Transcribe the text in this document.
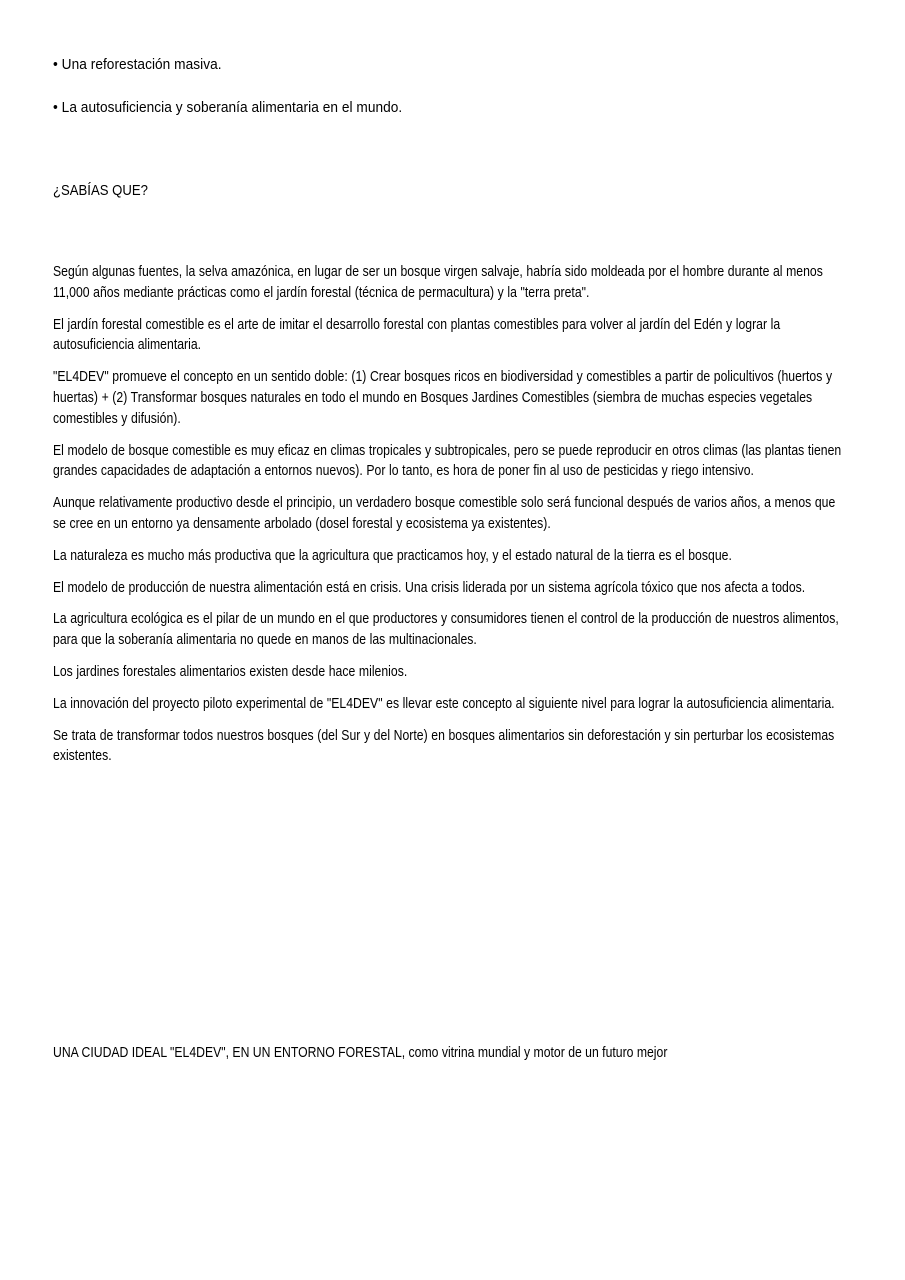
• Una reforestación masiva.
• La autosuficiencia y soberanía alimentaria en el mundo.
¿SABÍAS QUE?

Según algunas fuentes, la selva amazónica, en lugar de ser un bosque virgen salvaje, habría sido moldeada por el hombre durante al menos 11,000 años mediante prácticas como el jardín forestal (técnica de permacultura) y la "terra preta".

El jardín forestal comestible es el arte de imitar el desarrollo forestal con plantas comestibles para volver al jardín del Edén y lograr la autosuficiencia alimentaria.

"EL4DEV" promueve el concepto en un sentido doble: (1) Crear bosques ricos en biodiversidad y comestibles a partir de policultivos (huertos y huertas) + (2) Transformar bosques naturales en todo el mundo en Bosques Jardines Comestibles (siembra de muchas especies vegetales comestibles y difusión).

El modelo de bosque comestible es muy eficaz en climas tropicales y subtropicales, pero se puede reproducir en otros climas (las plantas tienen grandes capacidades de adaptación a entornos nuevos). Por lo tanto, es hora de poner fin al uso de pesticidas y riego intensivo.

Aunque relativamente productivo desde el principio, un verdadero bosque comestible solo será funcional después de varios años, a menos que se cree en un entorno ya densamente arbolado (dosel forestal y ecosistema ya existentes).

La naturaleza es mucho más productiva que la agricultura que practicamos hoy, y el estado natural de la tierra es el bosque.

El modelo de producción de nuestra alimentación está en crisis. Una crisis liderada por un sistema agrícola tóxico que nos afecta a todos.

La agricultura ecológica es el pilar de un mundo en el que productores y consumidores tienen el control de la producción de nuestros alimentos, para que la soberanía alimentaria no quede en manos de las multinacionales.

Los jardines forestales alimentarios existen desde hace milenios.

La innovación del proyecto piloto experimental de "EL4DEV" es llevar este concepto al siguiente nivel para lograr la autosuficiencia alimentaria.

Se trata de transformar todos nuestros bosques (del Sur y del Norte) en bosques alimentarios sin deforestación y sin perturbar los ecosistemas existentes.

UNA CIUDAD IDEAL "EL4DEV", EN UN ENTORNO FORESTAL, como vitrina mundial y motor de un futuro mejor
